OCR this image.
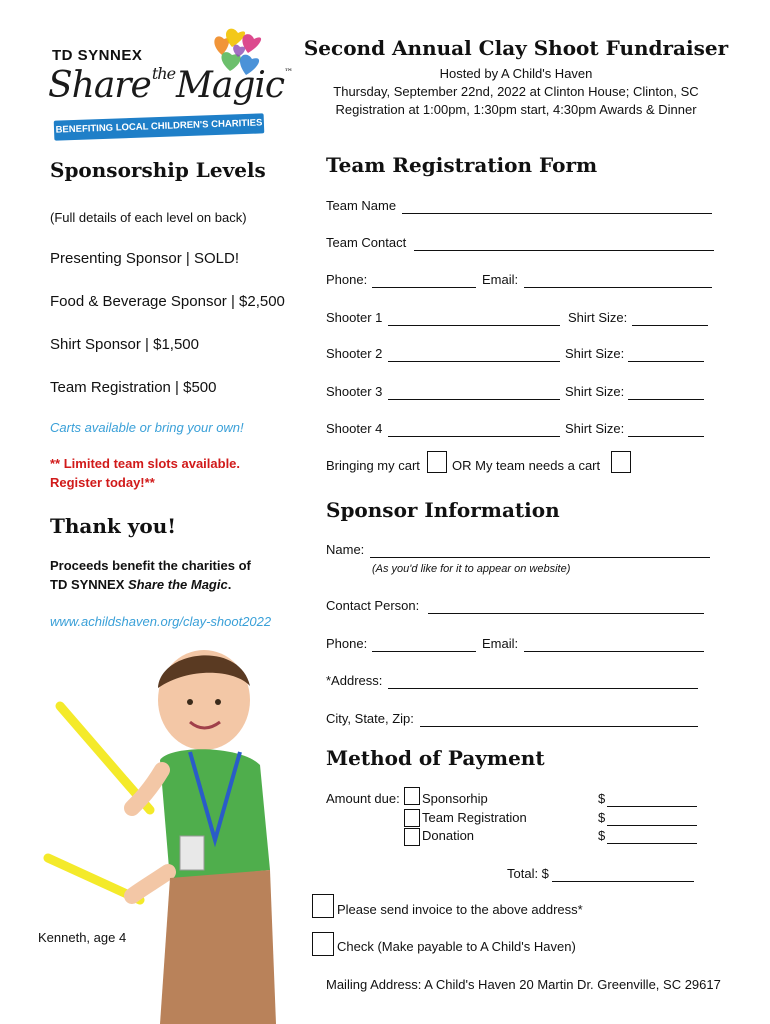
TD SYNNEX
Share$^{the}$Magic™
BENEFITING LOCAL CHILDREN'S CHARITIES
Second Annual Clay Shoot Fundraiser
Hosted by A Child's Haven
Thursday, September 22nd, 2022 at Clinton House; Clinton, SC
Registration at 1:00pm, 1:30pm start, 4:30pm Awards & Dinner
Sponsorship Levels
(Full details of each level on back)
Presenting Sponsor | SOLD!
Food & Beverage Sponsor | $2,500
Shirt Sponsor | $1,500
Team Registration | $500
Carts available or bring your own!
** Limited team slots available.
Register today!**
Thank you!
Proceeds benefit the charities of
TD SYNNEX Share the Magic.
www.achildshaven.org/clay-shoot2022
Kenneth, age 4
Team Registration Form
Team Name
Team Contact
Phone:	Email:
Shooter 1	Shirt Size:
Shooter 2	Shirt Size:
Shooter 3	Shirt Size:
Shooter 4	Shirt Size:
Bringing my cart OR My team needs a cart
Sponsor Information
Name:
(As you'd like for it to appear on website)
Contact Person:
Phone:	Email:
*Address:
City, State, Zip:
Method of Payment
Amount due: Sponsorhip	$
Team Registration	$
Donation	$
Total: $
Please send invoice to the above address*
Check (Make payable to A Child's Haven)
Mailing Address: A Child's Haven 20 Martin Dr. Greenville, SC 29617
